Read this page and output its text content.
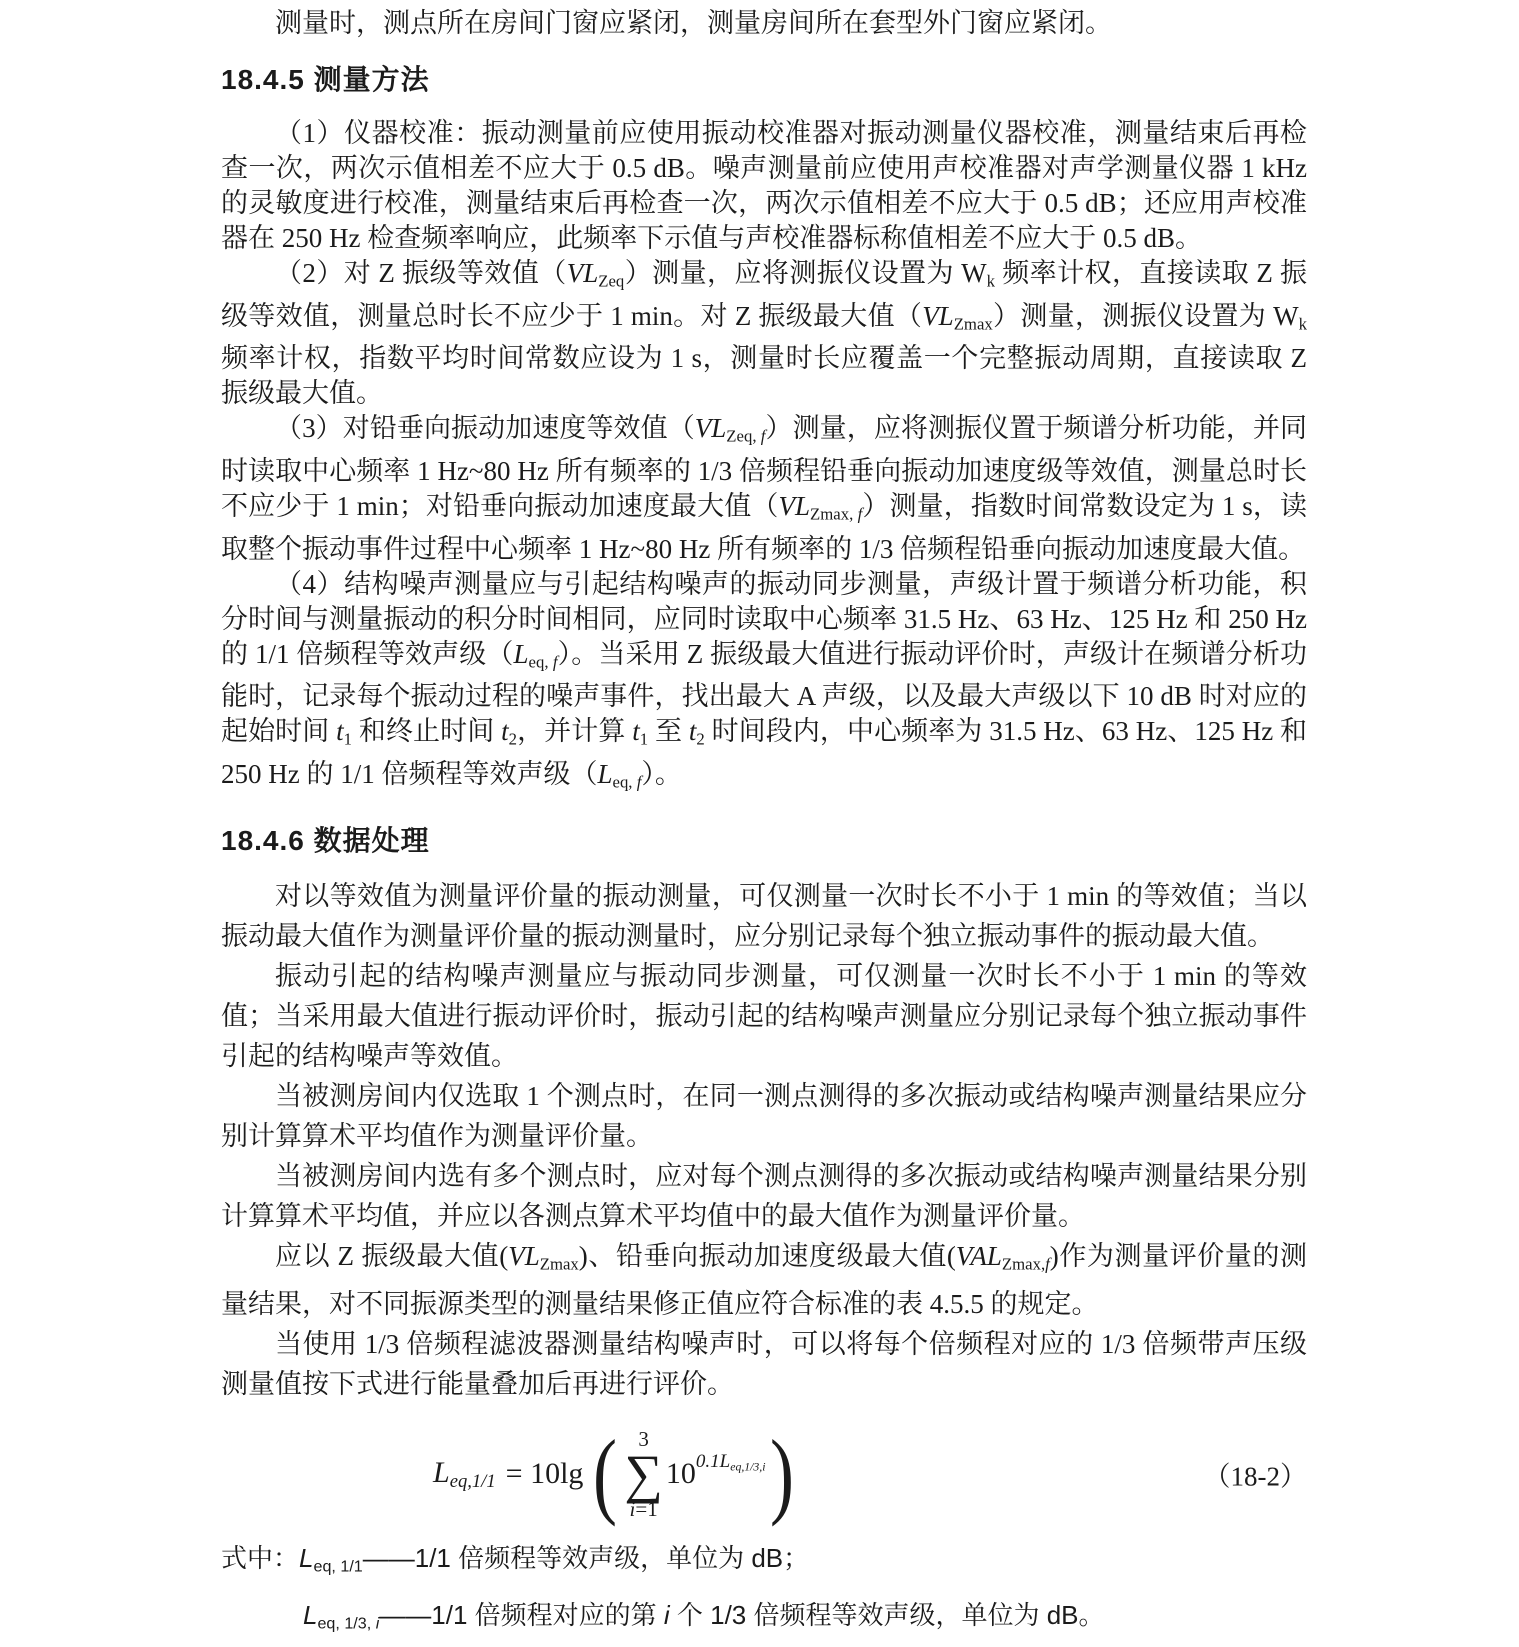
测量时，测点所在房间门窗应紧闭，测量房间所在套型外门窗应紧闭。

18.4.5 测量方法

（1）仪器校准：振动测量前应使用振动校准器对振动测量仪器校准，测量结束后再检查一次，两次示值相差不应大于 0.5 dB。噪声测量前应使用声校准器对声学测量仪器 1 kHz 的灵敏度进行校准，测量结束后再检查一次，两次示值相差不应大于 0.5 dB；还应用声校准器在 250 Hz 检查频率响应，此频率下示值与声校准器标称值相差不应大于 0.5 dB。

（2）对 Z 振级等效值$(VL_{Zeq})$测量，应将测振仪设置为 $W_k$ 频率计权，直接读取 Z 振级等效值，测量总时长不应少于 1 min。对 Z 振级最大值$(VL_{Zmax})$测量，测振仪设置为 $W_k$ 频率计权，指数平均时间常数应设为 1 s，测量时长应覆盖一个完整振动周期，直接读取 Z 振级最大值。

（3）对铅垂向振动加速度等效值（$VL_{Zeq,}$ f）测量，应将测振仪置于频谱分析功能，并同时读取中心频率 1 Hz~80 Hz 所有频率的 1/3 倍频程铅垂向振动加速度级等效值，测量总时长不应少于 1 min；对铅垂向振动加速度最大值（$VL_{Zmax,}$ f）测量，指数时间常数设定为 1 s，读取整个振动事件过程中心频率 1 Hz~80 Hz 所有频率的 1/3 倍频程铅垂向振动加速度最大值。

（4）结构噪声测量应与引起结构噪声的振动同步测量，声级计置于频谱分析功能，积分时间与测量振动的积分时间相同，应同时读取中心频率 31.5 Hz、63 Hz、125 Hz 和 250 Hz 的 1/1 倍频程等效声级（$L_{eq,}$ f）。当采用 Z 振级最大值进行振动评价时，声级计在频谱分析功能时，记录每个振动过程的噪声事件，找出最大 A 声级，以及最大声级以下 10 dB 时对应的起始时间 $t_1$ 和终止时间 $t_2$，并计算 $t_1$ 至 $t_2$ 时间段内，中心频率为 31.5 Hz、63 Hz、125 Hz 和 250 Hz 的 1/1 倍频程等效声级（$L_{eq,}$ f）。

18.4.6 数据处理

对以等效值为测量评价量的振动测量，可仅测量一次时长不小于 1 min 的等效值；当以振动最大值作为测量评价量的振动测量时，应分别记录每个独立振动事件的振动最大值。

振动引起的结构噪声测量应与振动同步测量，可仅测量一次时长不小于 1 min 的等效值；当采用最大值进行振动评价时，振动引起的结构噪声测量应分别记录每个独立振动事件引起的结构噪声等效值。

当被测房间内仅选取 1 个测点时，在同一测点测得的多次振动或结构噪声测量结果应分别计算算术平均值作为测量评价量。

当被测房间内选有多个测点时，应对每个测点测得的多次振动或结构噪声测量结果分别计算算术平均值，并应以各测点算术平均值中的最大值作为测量评价量。

应以 Z 振级最大值$(VL_{Zmax})$、铅垂向振动加速度级最大值$(VAL_{Zmax,}f)$作为测量评价量的测量结果，对不同振源类型的测量结果修正值应符合标准的表 4.5.5 的规定。

当使用 1/3 倍频程滤波器测量结构噪声时，可以将每个倍频程对应的 1/3 倍频带声压级测量值按下式进行能量叠加后再进行评价。

Leq,1/1 = 10lg ( 3
∑
i=1
$10^{0.1Leq,1/3,i}$ )	（18-2）

式中：$L_{eq, 1/1}——1/1$ 倍频程等效声级，单位为 dB；

$L_{eq, 1/3,}$ i——1/1 倍频程对应的第 i 个 1/3 倍频程等效声级，单位为 dB。
